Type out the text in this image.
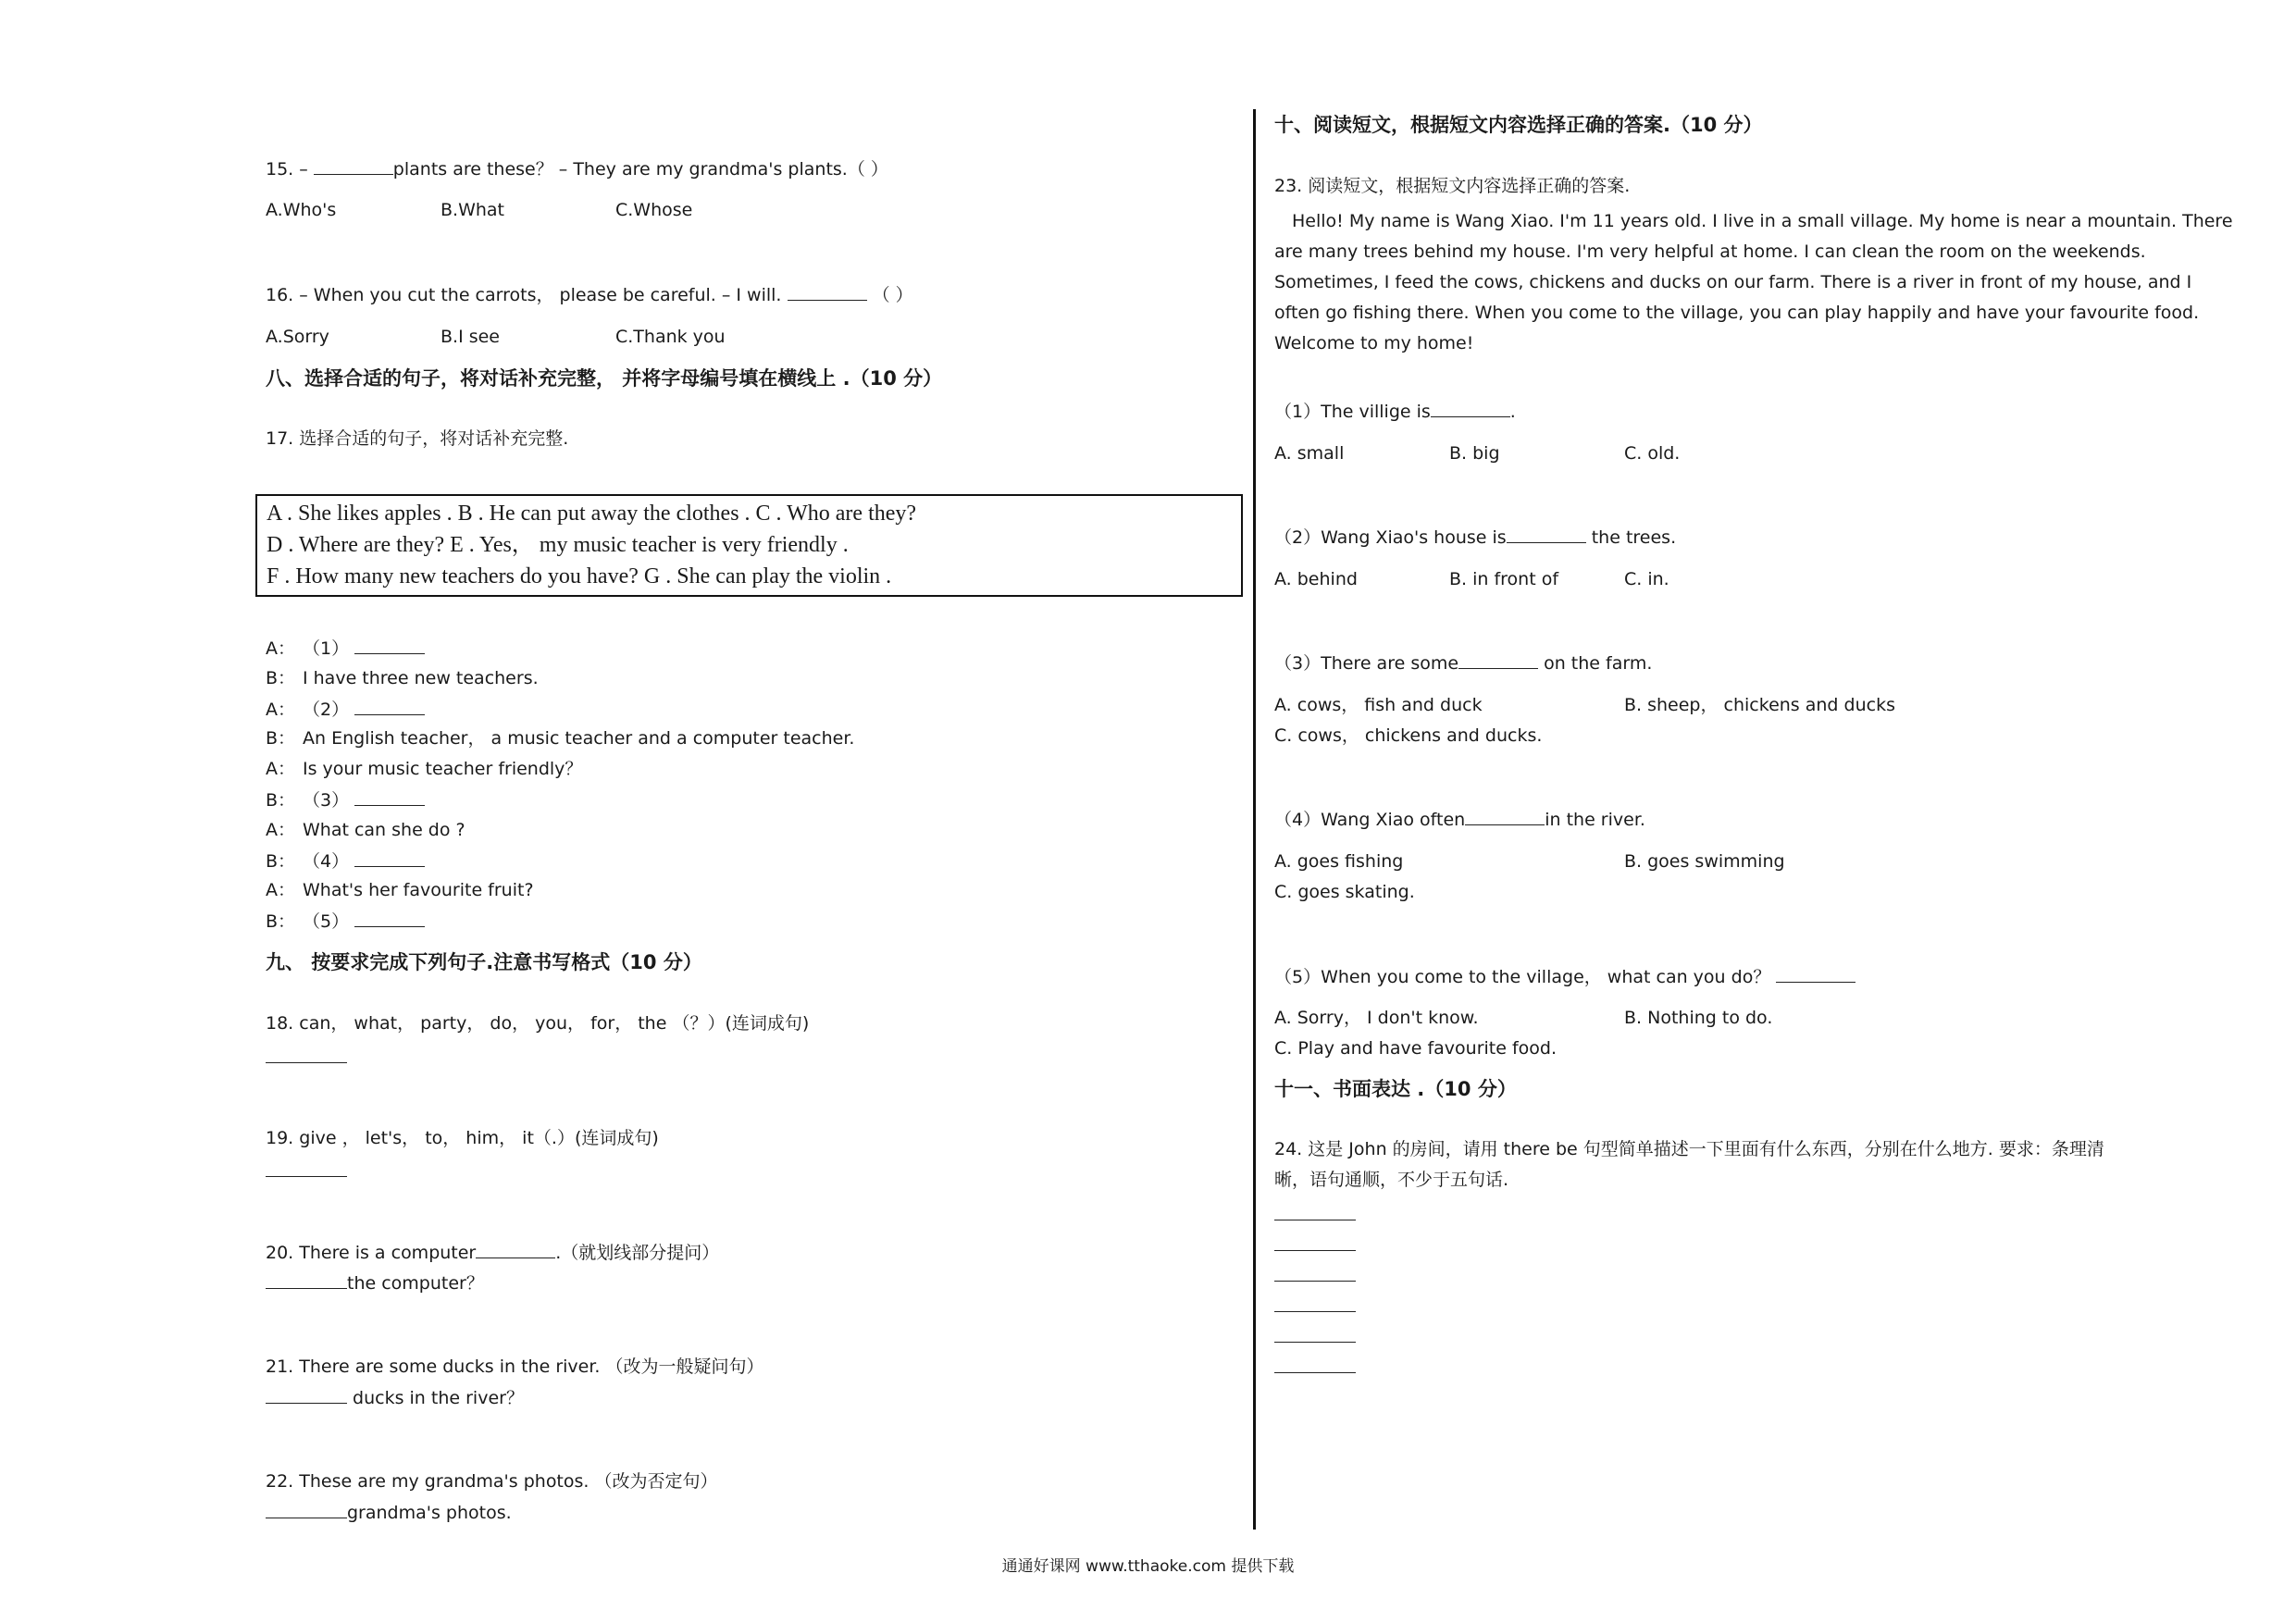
15. –	plants are these？ – They are my grandma's plants.（ ）
A.Who's	B.What	C.Whose
16. – When you cut the carrots， please be careful. – I will.	（ ）
A.Sorry	B.I see	C.Thank you
八、选择合适的句子，将对话补充完整， 并将字母编号填在横线上 .（10 分）
17. 选择合适的句子，将对话补充完整.
A . She likes apples . B . He can put away the clothes . C . Who are they?
D . Where are they? E . Yes， my music teacher is very friendly .
F . How many new teachers do you have? G . She can play the violin .
A： （1）
B： I have three new teachers.
A： （2）
B： An English teacher， a music teacher and a computer teacher.
A： Is your music teacher friendly？
B： （3）
A： What can she do ?
B： （4）
A： What's her favourite fruit?
B： （5）
九、 按要求完成下列句子.注意书写格式（10 分）
18. can， what， party， do， you， for， the （？）(连词成句)
19. give ， let's， to， him， it（.）(连词成句)
20. There is a computer	.（就划线部分提问）
the computer？
21. There are some ducks in the river. （改为一般疑问句）
ducks in the river？
22. These are my grandma's photos. （改为否定句）
grandma's photos.
十、阅读短文，根据短文内容选择正确的答案.（10 分）
23. 阅读短文，根据短文内容选择正确的答案.
Hello! My name is Wang Xiao. I'm 11 years old. I live in a small village. My home is near a mountain. There are many trees behind my house. I'm very helpful at home. I can clean the room on the weekends. Sometimes, I feed the cows, chickens and ducks on our farm. There is a river in front of my house, and I often go fishing there. When you come to the village, you can play happily and have your favourite food. Welcome to my home!
（1）The villige is	.
A. small	B. big	C. old.
（2）Wang Xiao's house is	the trees.
A. behind	B. in front of	C. in.
（3）There are some	on the farm.
A. cows， fish and duck	B. sheep， chickens and ducks
C. cows， chickens and ducks.
（4）Wang Xiao often	in the river.
A. goes fishing	B. goes swimming
C. goes skating.
（5）When you come to the village， what can you do？
A. Sorry， I don't know.	B. Nothing to do.
C. Play and have favourite food.
十一、书面表达 .（10 分）
24. 这是 John 的房间，请用 there be 句型简单描述一下里面有什么东西，分别在什么地方. 要求：条理清
晰，语句通顺，不少于五句话.
通通好课网 www.tthaoke.com 提供下载
